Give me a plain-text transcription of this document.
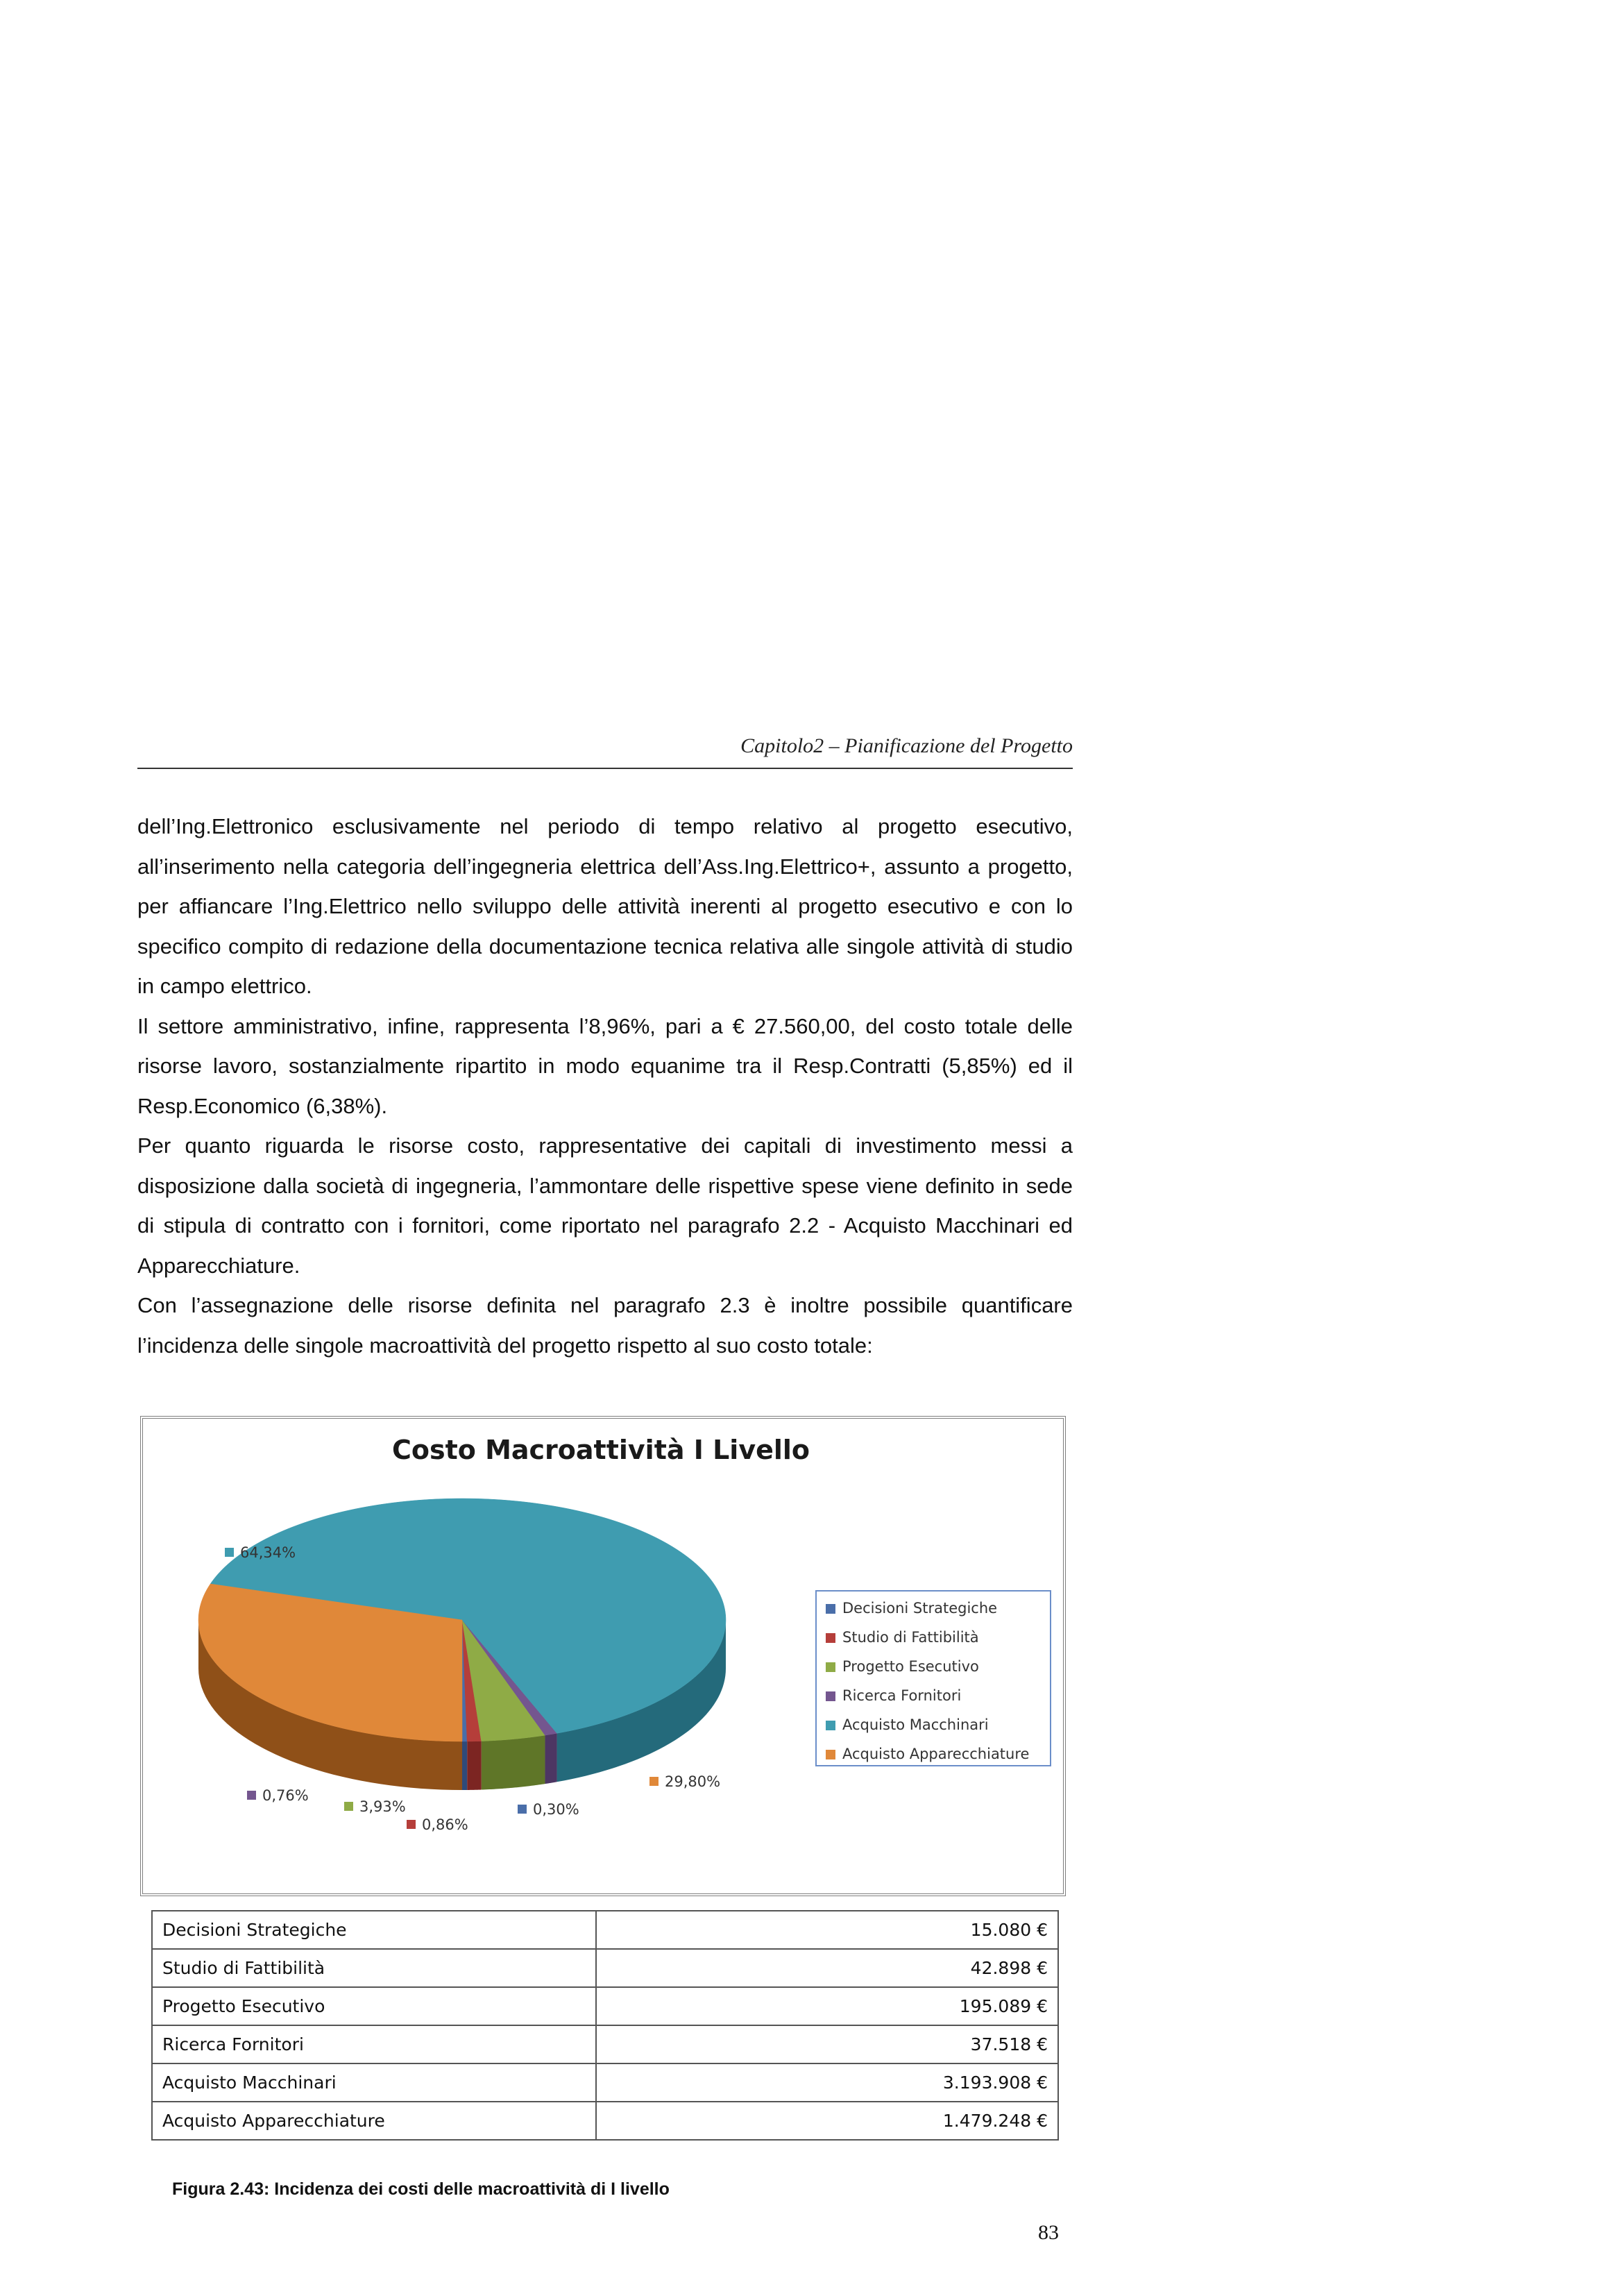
Capitolo2 – Pianificazione del Progetto

dell’Ing.Elettronico esclusivamente nel periodo di tempo relativo al progetto esecutivo, all’inserimento nella categoria dell’ingegneria elettrica dell’Ass.Ing.Elettrico+, assunto a progetto, per affiancare l’Ing.Elettrico nello sviluppo delle attività inerenti al progetto esecutivo e con lo specifico compito di redazione della documentazione tecnica relativa alle singole attività di studio in campo elettrico.

Il settore amministrativo, infine, rappresenta l’8,96%, pari a € 27.560,00, del costo totale delle risorse lavoro, sostanzialmente ripartito in modo equanime tra il Resp.Contratti (5,85%) ed il Resp.Economico (6,38%).

Per quanto riguarda le risorse costo, rappresentative dei capitali di investimento messi a disposizione dalla società di ingegneria, l’ammontare delle rispettive spese viene definito in sede di stipula di contratto con i fornitori, come riportato nel paragrafo 2.2 - Acquisto Macchinari ed Apparecchiature.

Con l’assegnazione delle risorse definita nel paragrafo 2.3 è inoltre possibile quantificare l’incidenza delle singole macroattività del progetto rispetto al suo costo totale:

Costo Macroattività I Livello
0,30%
0,86%
3,93%
0,76%
64,34%
29,80%
Decisioni Strategiche
Studio di Fattibilità
Progetto Esecutivo
Ricerca Fornitori
Acquisto Macchinari
Acquisto Apparecchiature
Decisioni Strategiche	15.080 €
Studio di Fattibilità	42.898 €
Progetto Esecutivo	195.089 €
Ricerca Fornitori	37.518 €
Acquisto Macchinari	3.193.908 €
Acquisto Apparecchiature	1.479.248 €
Figura 2.43: Incidenza dei costi delle macroattività di I livello
83
